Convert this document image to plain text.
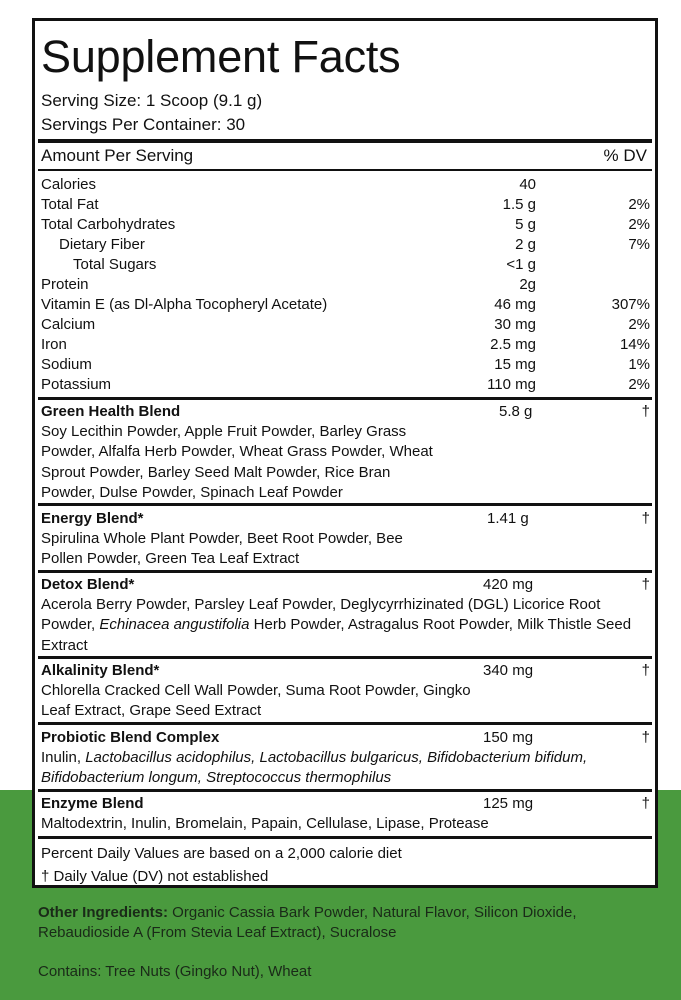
Supplement Facts
Serving Size: 1 Scoop (9.1 g)
Servings Per Container: 30
Amount Per Serving	% DV
Calories	40
Total Fat	1.5 g	2%
Total Carbohydrates	5 g	2%
Dietary Fiber	2 g	7%
Total Sugars	<1 g
Protein	2g
Vitamin E (as Dl-Alpha Tocopheryl Acetate)	46 mg	307%
Calcium	30 mg	2%
Iron	2.5 mg	14%
Sodium	15 mg	1%
Potassium	110 mg	2%
Green Health Blend	5.8 g	†
Soy Lecithin Powder, Apple Fruit Powder, Barley Grass Powder, Alfalfa Herb Powder, Wheat Grass Powder, Wheat Sprout Powder, Barley Seed Malt Powder, Rice Bran Powder, Dulse Powder, Spinach Leaf Powder
Energy Blend*	1.41 g	†
Spirulina Whole Plant Powder, Beet Root Powder, Bee Pollen Powder, Green Tea Leaf Extract
Detox Blend*	420 mg	†
Acerola Berry Powder, Parsley Leaf Powder, Deglycyrrhizinated (DGL) Licorice Root Powder, Echinacea angustifolia Herb Powder, Astragalus Root Powder, Milk Thistle Seed Extract
Alkalinity Blend*	340 mg	†
Chlorella Cracked Cell Wall Powder, Suma Root Powder, Gingko Leaf Extract, Grape Seed Extract
Probiotic Blend Complex	150 mg	†
Inulin, Lactobacillus acidophilus, Lactobacillus bulgaricus, Bifidobacterium bifidum, Bifidobacterium longum, Streptococcus thermophilus
Enzyme Blend	125 mg	†
Maltodextrin, Inulin, Bromelain, Papain, Cellulase, Lipase, Protease
Percent Daily Values are based on a 2,000 calorie diet
† Daily Value (DV) not established
Other Ingredients: Organic Cassia Bark Powder, Natural Flavor, Silicon Dioxide, Rebaudioside A (From Stevia Leaf Extract), Sucralose
Contains: Tree Nuts (Gingko Nut), Wheat
